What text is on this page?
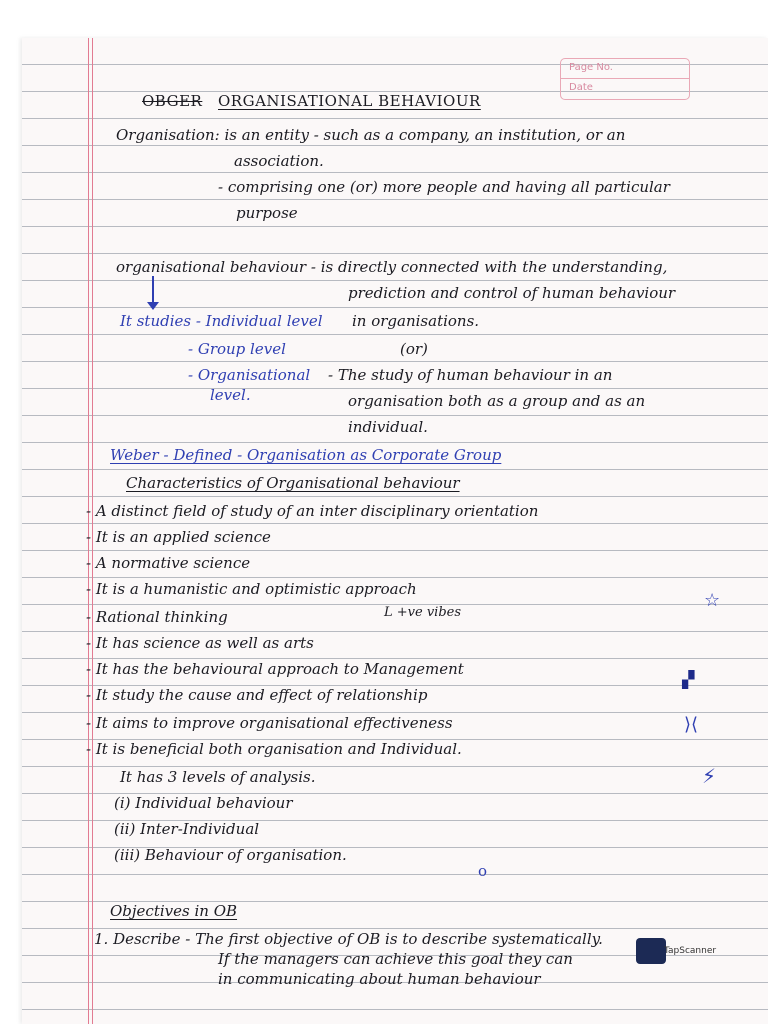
Page No.
Date
OBGER ORGANISATIONAL BEHAVIOUR
Organisation: is an entity - such as a company, an institution, or an
association.
- comprising one (or) more people and having all particular
purpose
organisational behaviour - is directly connected with the understanding,
prediction and control of human behaviour
in organisations.
It studies - Individual level
- Group level	(or)
- Organisational
level.
- The study of human behaviour in an
organisation both as a group and as an
individual.
Weber - Defined - Organisation as Corporate Group
Characteristics of Organisational behaviour
- A distinct field of study of an inter disciplinary orientation
- It is an applied science
- A normative science
- It is a humanistic and optimistic approach
- Rational thinking
- It has science as well as arts
- It has the behavioural approach to Management
- It study the cause and effect of relationship
- It aims to improve organisational effectiveness
- It is beneficial both organisation and Individual.
L +ve vibes
☆
▞
⟩⟨
⚡
It has 3 levels of analysis.
(i) Individual behaviour
(ii) Inter-Individual
(iii) Behaviour of organisation.
o
Objectives in OB
1. Describe - The first objective of OB is to describe systematically.
If the managers can achieve this goal they can
in communicating about human behaviour
TapScanner
